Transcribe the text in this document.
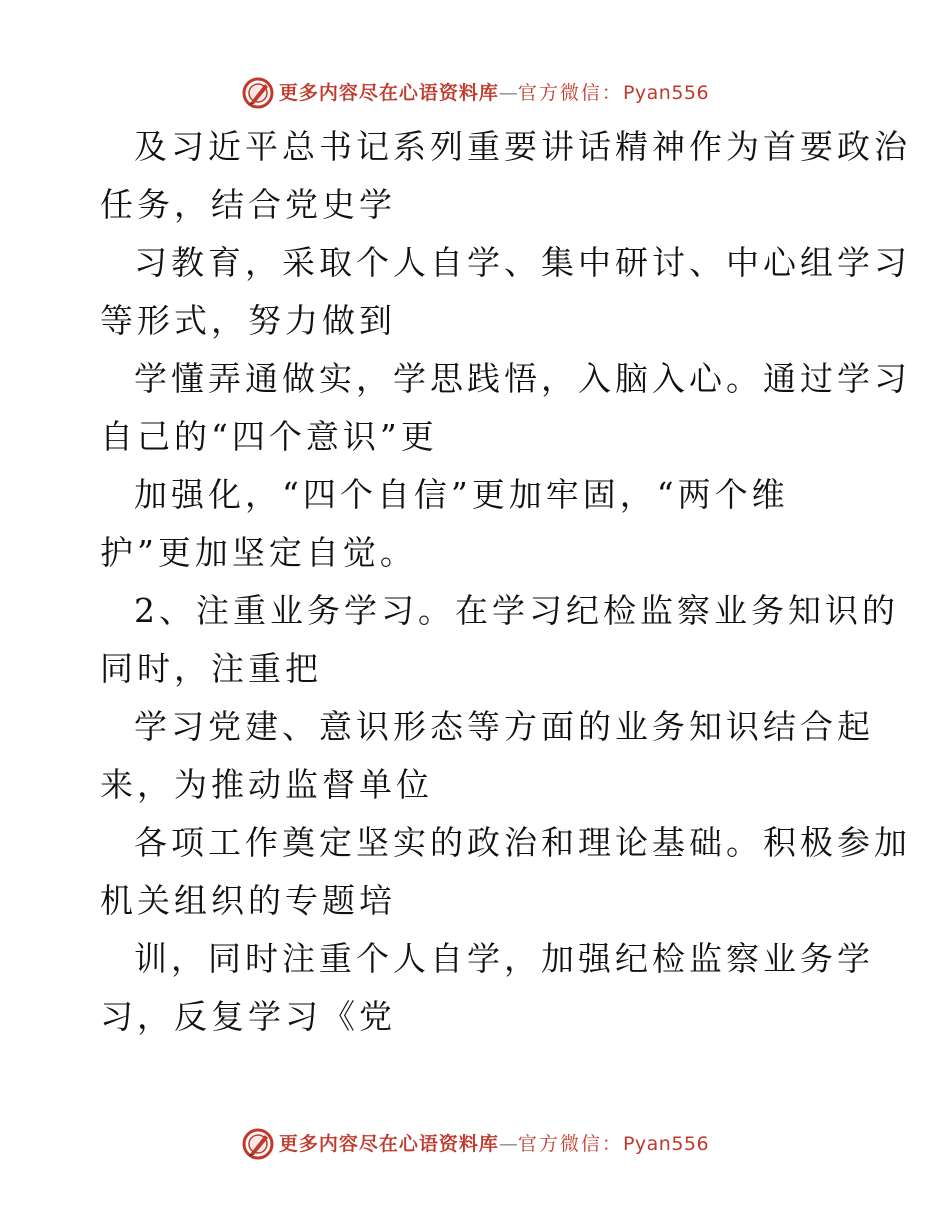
更多内容尽在心语资料库 — 官方微信： Pyan556
及习近平总书记系列重要讲话精神作为首要政治
任务，结合党史学
习教育，采取个人自学、集中研讨、中心组学习
等形式，努力做到
学懂弄通做实，学思践悟，入脑入心。通过学习
自己的“四个意识”更
加强化，“四个自信”更加牢固，“两个维
护”更加坚定自觉。
2、注重业务学习。在学习纪检监察业务知识的
同时，注重把
学习党建、意识形态等方面的业务知识结合起
来，为推动监督单位
各项工作奠定坚实的政治和理论基础。积极参加
机关组织的专题培
训，同时注重个人自学，加强纪检监察业务学
习，反复学习《党
更多内容尽在心语资料库 — 官方微信： Pyan556
